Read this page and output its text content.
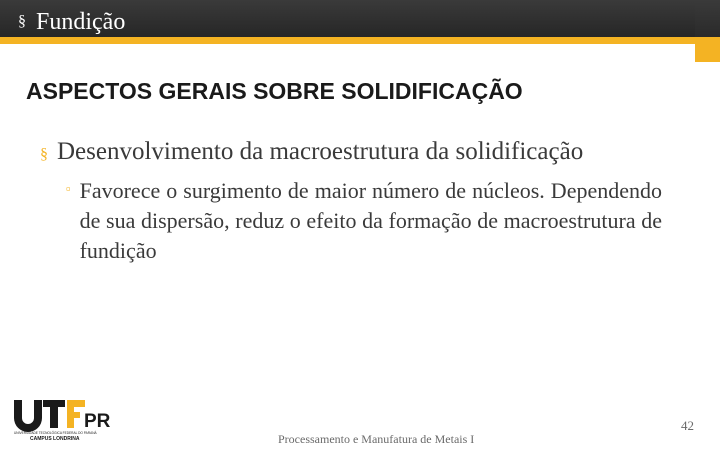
§ Fundição
ASPECTOS GERAIS SOBRE SOLIDIFICAÇÃO
§ Desenvolvimento da macroestrutura da solidificação
▫ Favorece o surgimento de maior número de núcleos. Dependendo de sua dispersão, reduz o efeito da formação de macroestrutura de fundição
PR
UNIVERSIDADE TECNOLÓGICA FEDERAL DO PARANÁ
CAMPUS LONDRINA	Processamento e Manufatura de Metais I
42
